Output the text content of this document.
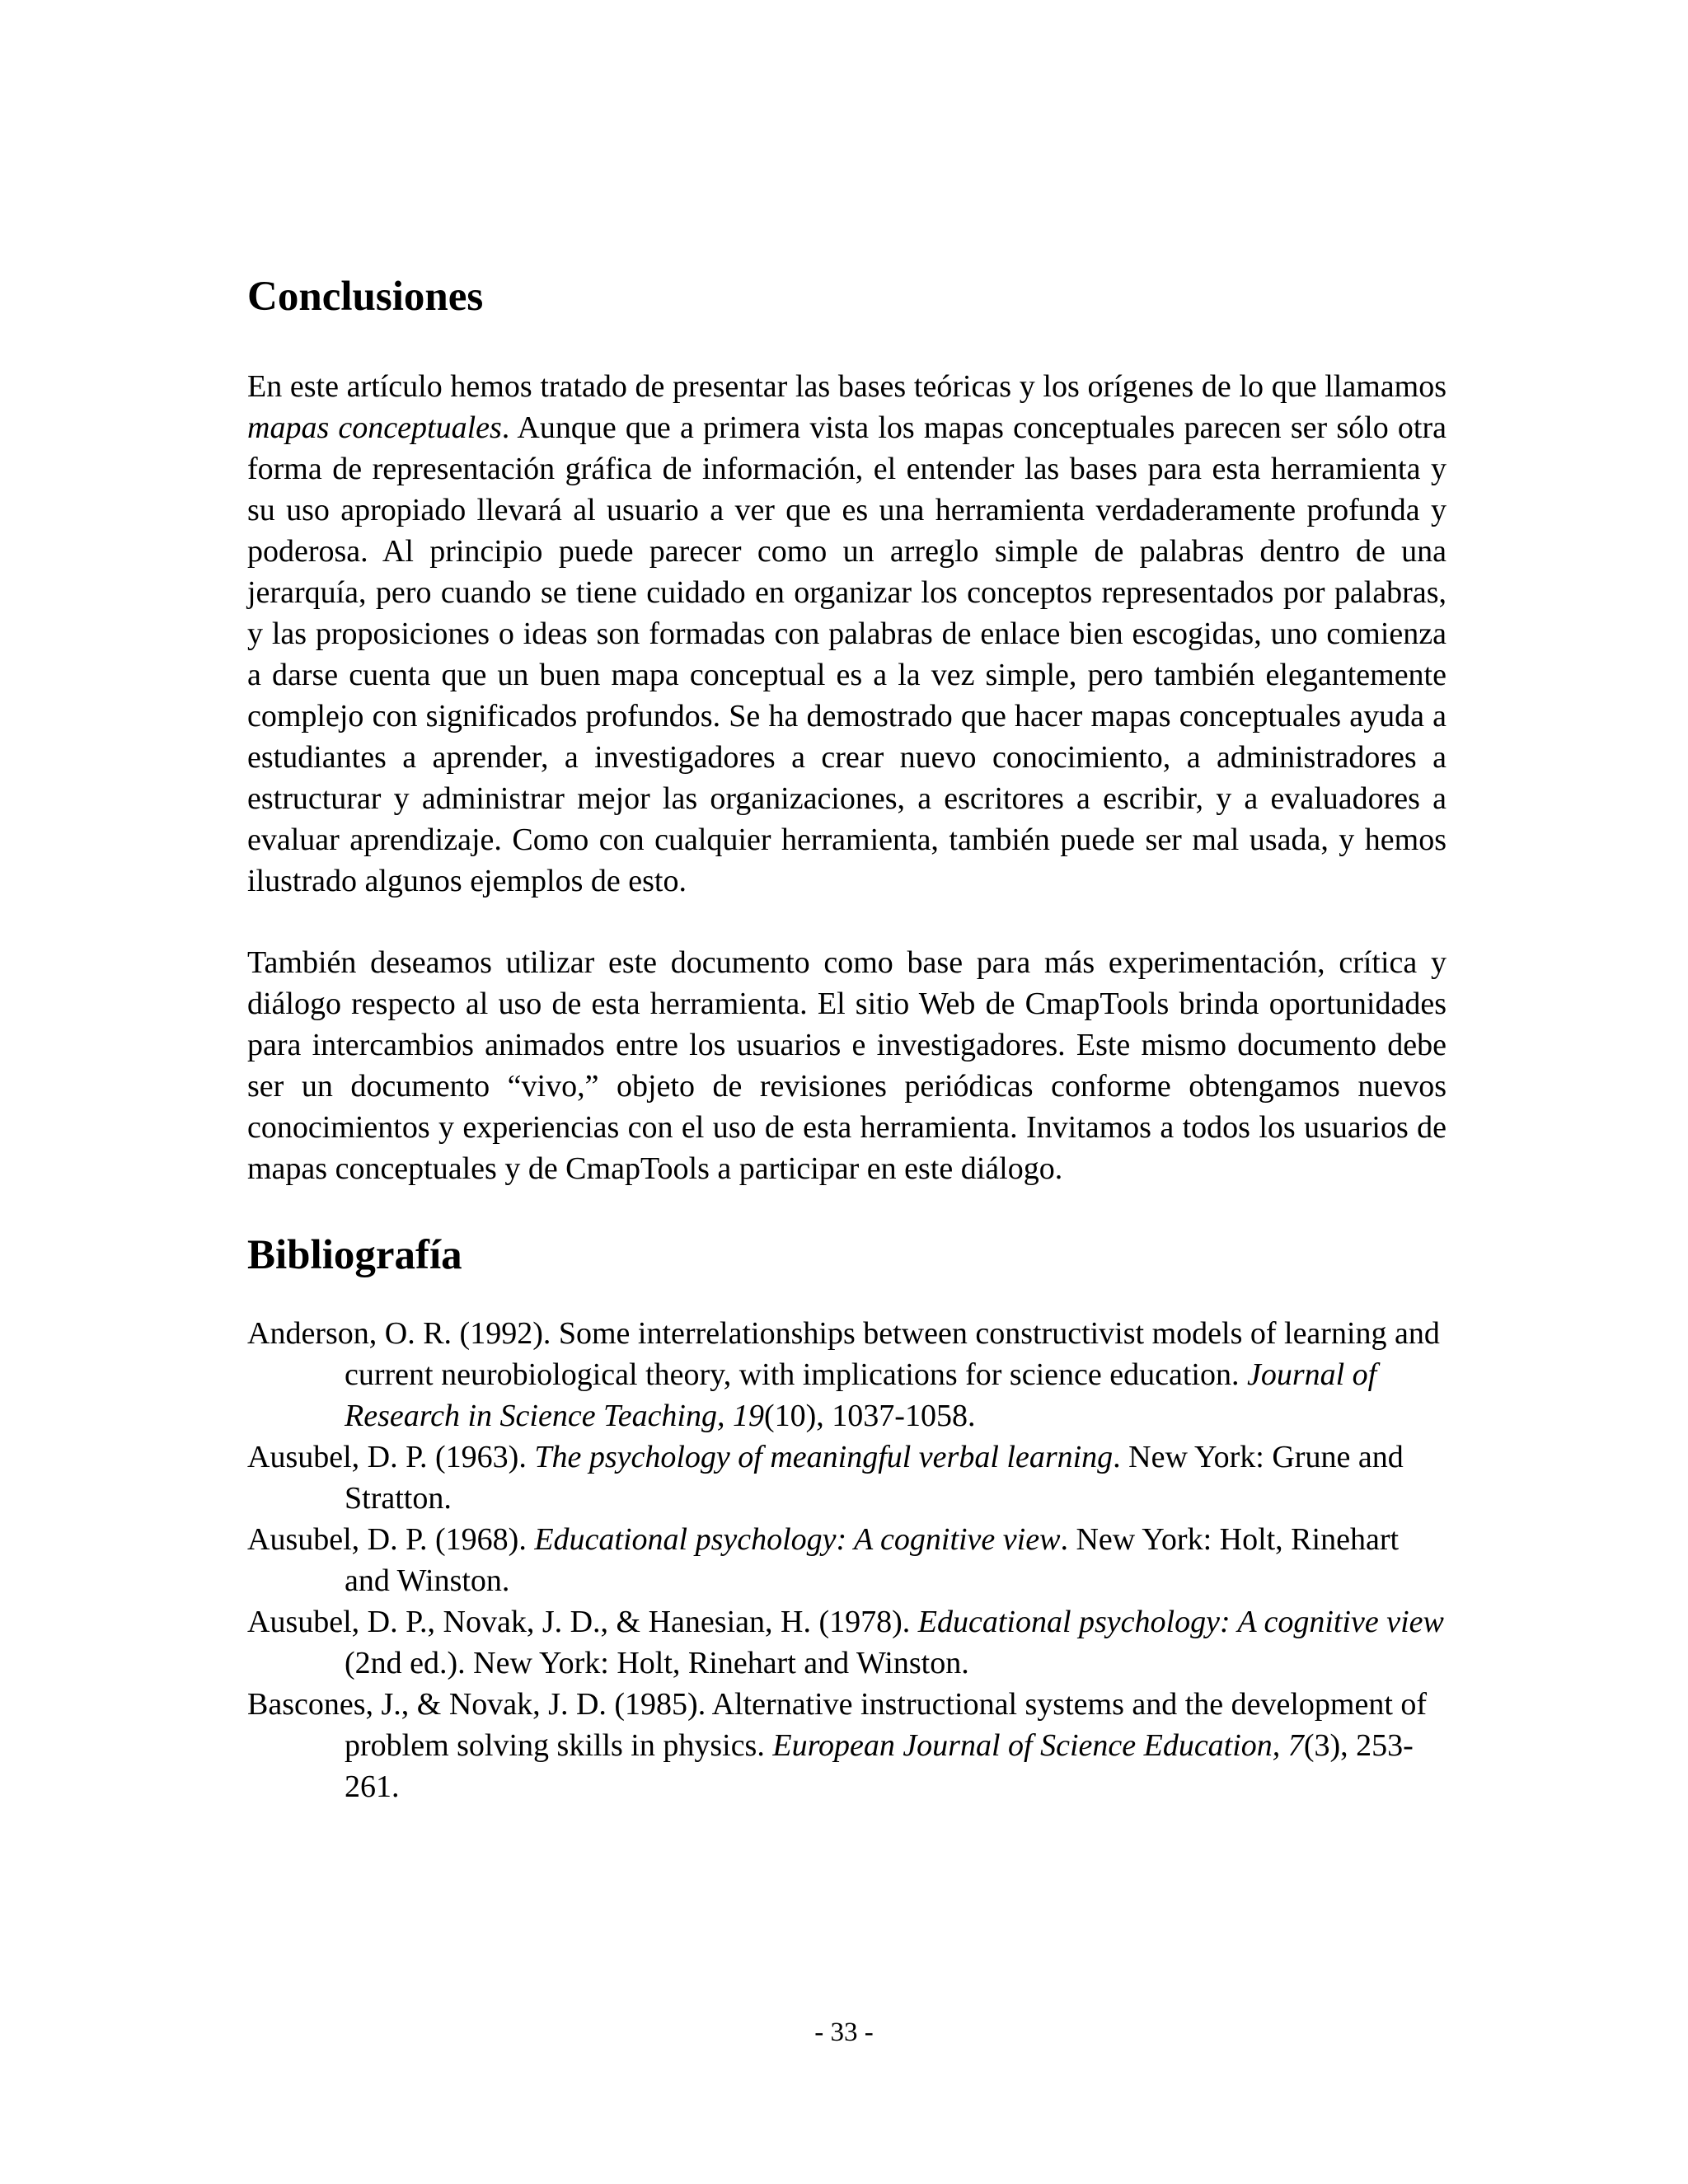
Conclusiones

En este artículo hemos tratado de presentar las bases teóricas y los orígenes de lo que llamamos mapas conceptuales. Aunque que a primera vista los mapas conceptuales parecen ser sólo otra forma de representación gráfica de información, el entender las bases para esta herramienta y su uso apropiado llevará al usuario a ver que es una herramienta verdaderamente profunda y poderosa. Al principio puede parecer como un arreglo simple de palabras dentro de una jerarquía, pero cuando se tiene cuidado en organizar los conceptos representados por palabras, y las proposiciones o ideas son formadas con palabras de enlace bien escogidas, uno comienza a darse cuenta que un buen mapa conceptual es a la vez simple, pero también elegantemente complejo con significados profundos. Se ha demostrado que hacer mapas conceptuales ayuda a estudiantes a aprender, a investigadores a crear nuevo conocimiento, a administradores a estructurar y administrar mejor las organizaciones, a escritores a escribir, y a evaluadores a evaluar aprendizaje. Como con cualquier herramienta, también puede ser mal usada, y hemos ilustrado algunos ejemplos de esto.

También deseamos utilizar este documento como base para más experimentación, crítica y diálogo respecto al uso de esta herramienta. El sitio Web de CmapTools brinda oportunidades para intercambios animados entre los usuarios e investigadores. Este mismo documento debe ser un documento “vivo,” objeto de revisiones periódicas conforme obtengamos nuevos conocimientos y experiencias con el uso de esta herramienta. Invitamos a todos los usuarios de mapas conceptuales y de CmapTools a participar en este diálogo.

Bibliografía

Anderson, O. R. (1992). Some interrelationships between constructivist models of learning and current neurobiological theory, with implications for science education. Journal of Research in Science Teaching, 19(10), 1037-1058.

Ausubel, D. P. (1963). The psychology of meaningful verbal learning. New York: Grune and Stratton.

Ausubel, D. P. (1968). Educational psychology: A cognitive view. New York: Holt, Rinehart and Winston.

Ausubel, D. P., Novak, J. D., & Hanesian, H. (1978). Educational psychology: A cognitive view (2nd ed.). New York: Holt, Rinehart and Winston.

Bascones, J., & Novak, J. D. (1985). Alternative instructional systems and the development of problem solving skills in physics. European Journal of Science Education, 7(3), 253-261.

- 33 -
